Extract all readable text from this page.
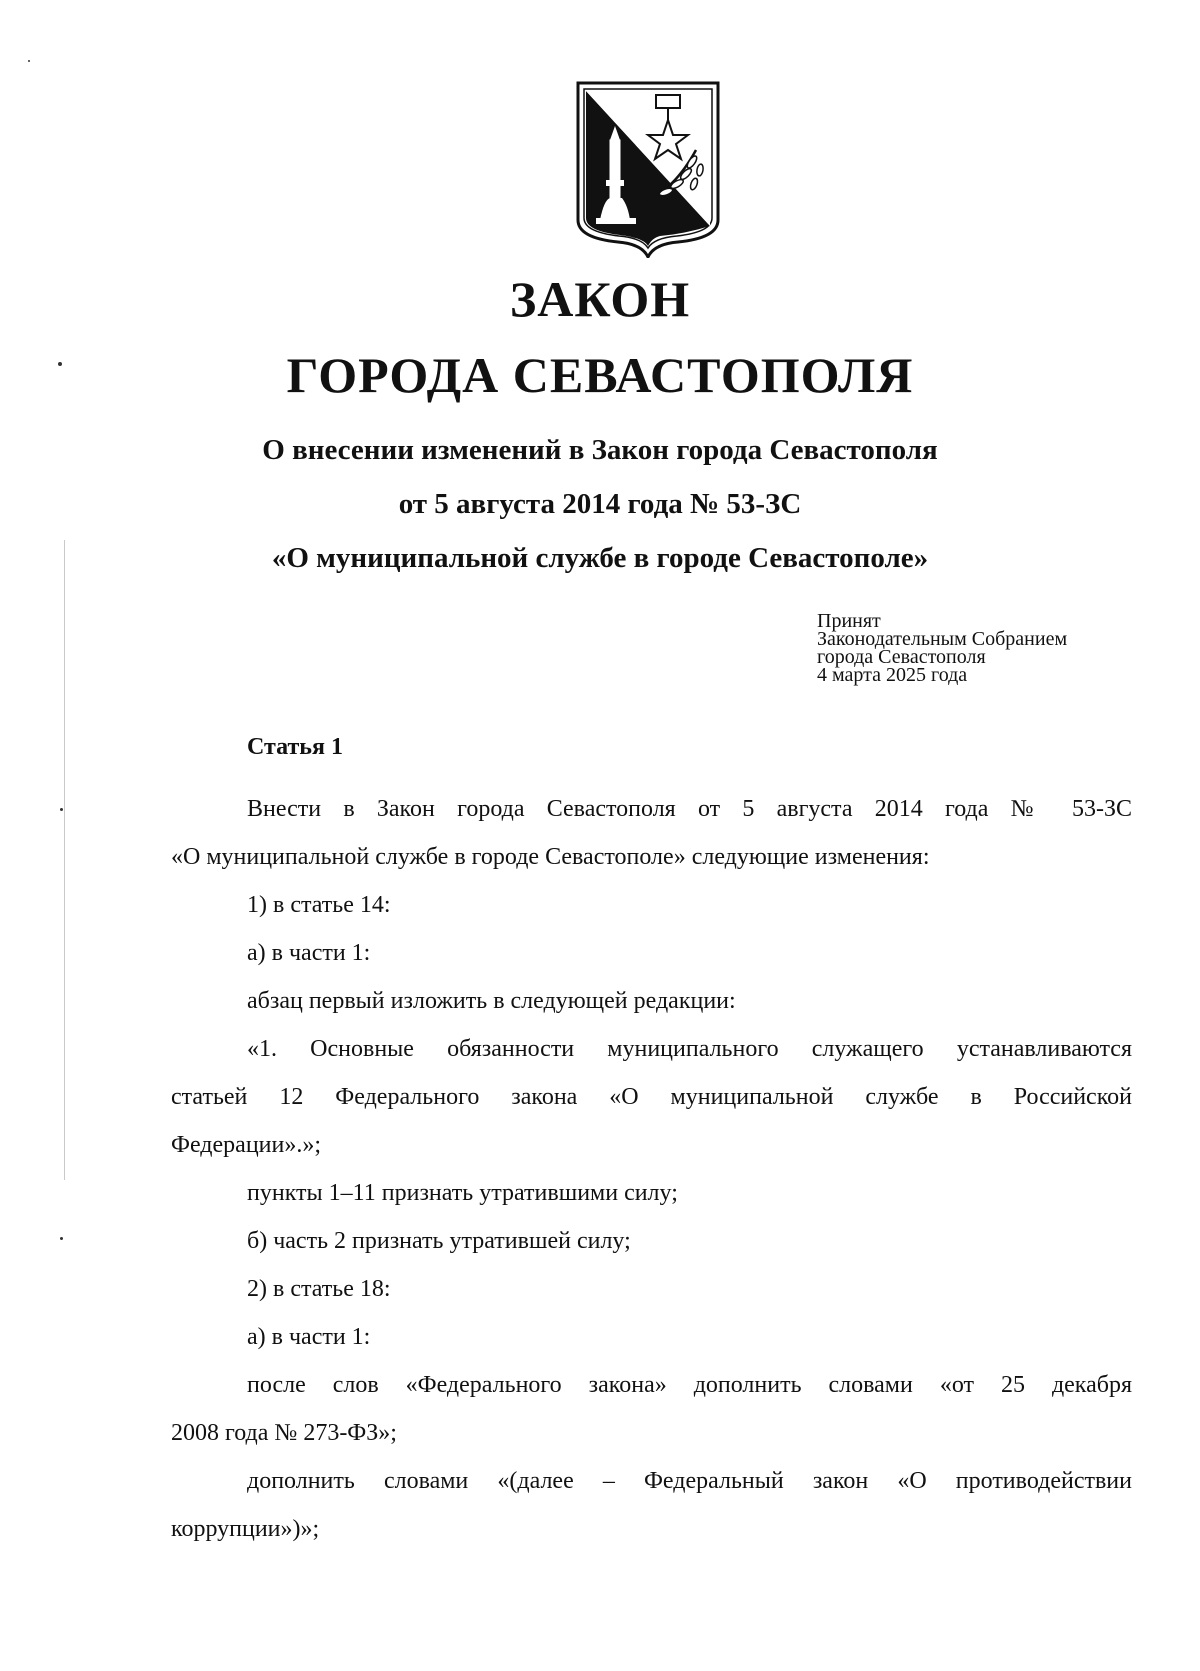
ЗАКОН
ГОРОДА СЕВАСТОПОЛЯ
О внесении изменений в Закон города Севастополя
от 5 августа 2014 года № 53-ЗС
«О муниципальной службе в городе Севастополе»
Принят
Законодательным Собранием
города Севастополя
4 марта 2025 года
Статья 1
Внести в Закон города Севастополя от 5 августа 2014 года № 53-ЗС
«О муниципальной службе в городе Севастополе» следующие изменения:
1) в статье 14:
а) в части 1:
абзац первый изложить в следующей редакции:
«1. Основные обязанности муниципального служащего устанавливаются
статьей 12 Федерального закона «О муниципальной службе в Российской
Федерации».»;
пункты 1–11 признать утратившими силу;
б) часть 2 признать утратившей силу;
2) в статье 18:
а) в части 1:
после слов «Федерального закона» дополнить словами «от 25 декабря
2008 года № 273-ФЗ»;
дополнить словами «(далее – Федеральный закон «О противодействии
коррупции»)»;
